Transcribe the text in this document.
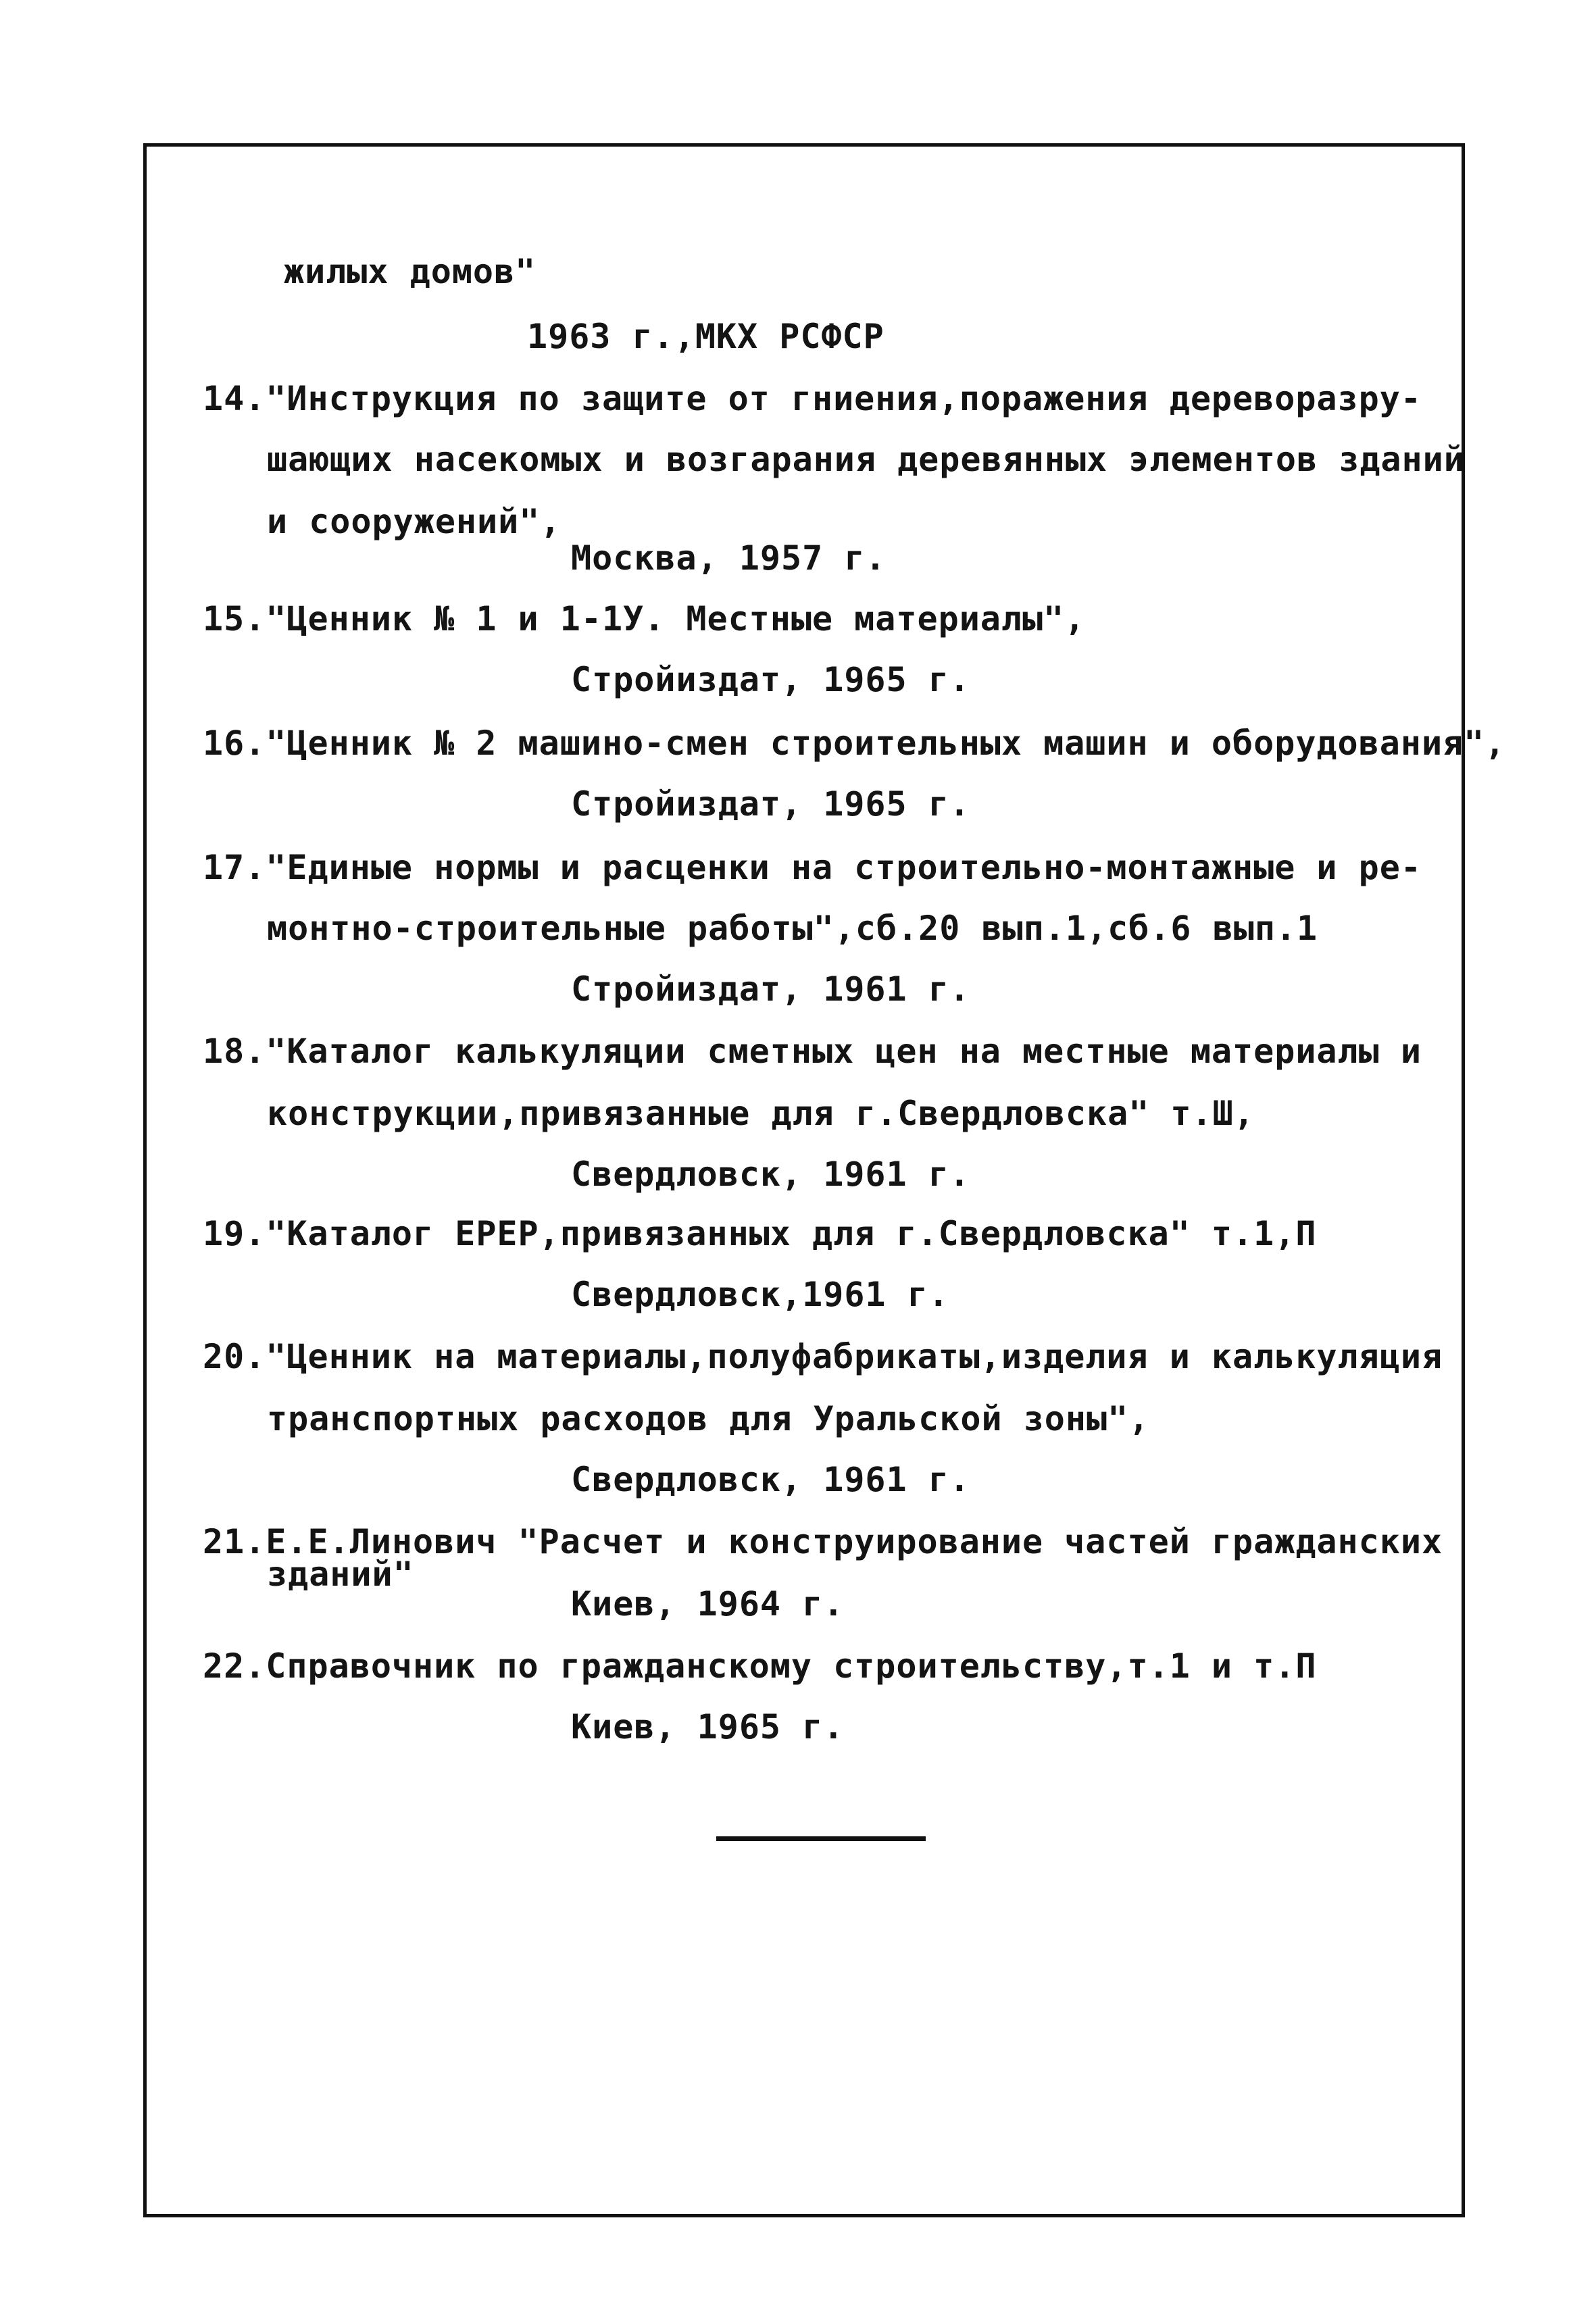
жилых домов"
1963 г.,МКХ РСФСР
14."Инструкция по защите от гниения,поражения дереворазру-
шающих насекомых и возгарания деревянных элементов зданий
и сооружений",
Москва, 1957 г.
15."Ценник № 1 и 1-1У. Местные материалы",
Стройиздат, 1965 г.
16."Ценник № 2 машино-смен строительных машин и оборудования",
Стройиздат, 1965 г.
17."Единые нормы и расценки на строительно-монтажные и ре-
монтно-строительные работы",сб.20 вып.1,сб.6 вып.1
Стройиздат, 1961 г.
18."Каталог калькуляции сметных цен на местные материалы и
конструкции,привязанные для г.Свердловска" т.Ш,
Свердловск, 1961 г.
19."Каталог ЕРЕР,привязанных для г.Свердловска" т.1,П
Свердловск,1961 г.
20."Ценник на материалы,полуфабрикаты,изделия и калькуляция
транспортных расходов для Уральской зоны",
Свердловск, 1961 г.
21.Е.Е.Линович "Расчет и конструирование частей гражданских
зданий"
Киев, 1964 г.
22.Справочник по гражданскому строительству,т.1 и т.П
Киев, 1965 г.
